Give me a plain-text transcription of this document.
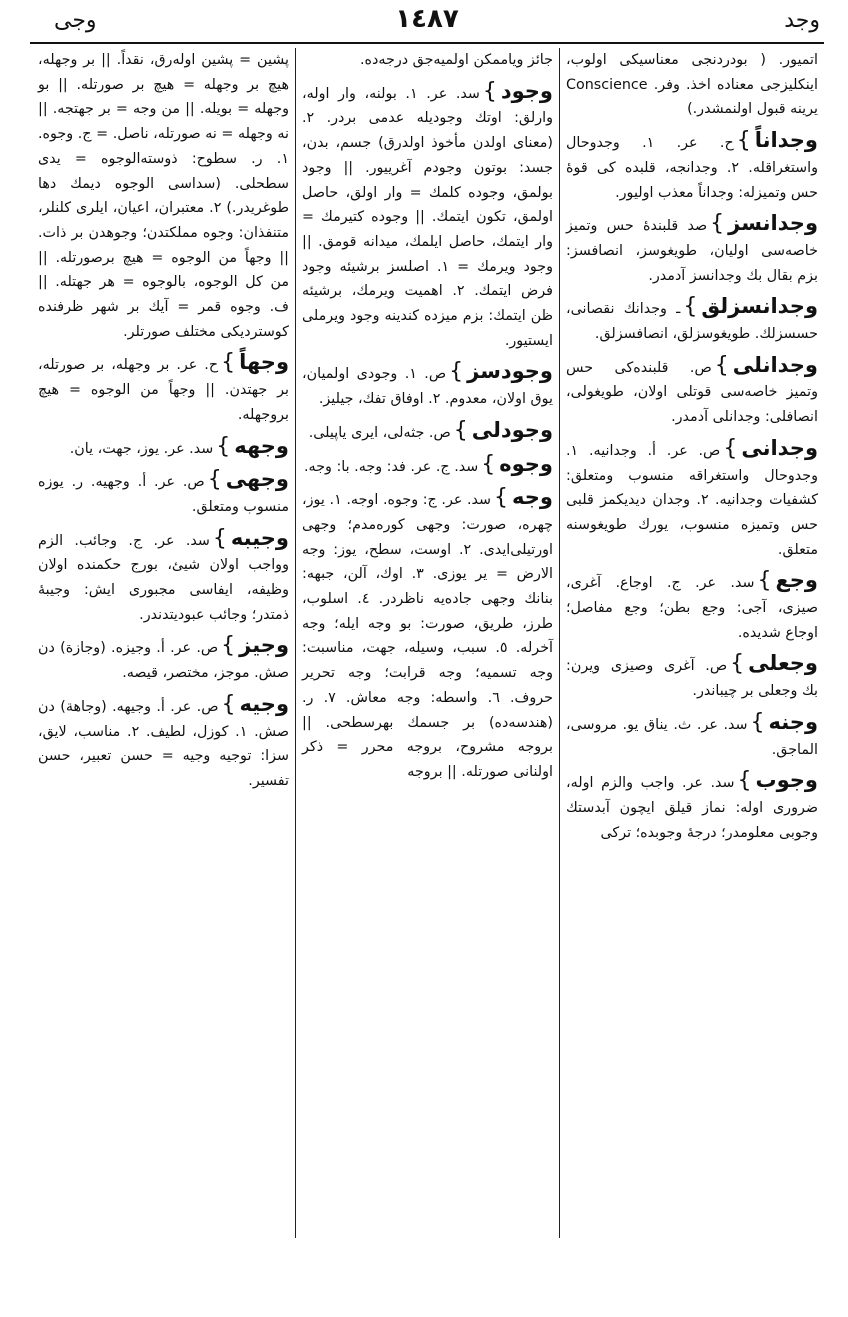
وجد
١٤٨٧
وجى
اتمیور. ( بودردنجی معناسیکی اولوب، اینکلیزجی معناده اخذ. وفر. Conscience یرینه قبول اولنمشدر.)
وجداناً}ح. عر. ١. وجدوحال واستغراقله. ٢. وجدانجه، قلبده کی قوهٔ حس وتمیزله: وجداناً معذب اولیور.
وجدانسز}صد قلبندهٔ حس وتمیز خاصه‌سی اولیان، طویغوسز، انصافسز: بزم بقال بك وجدانسز آدمدر.
وجدانسزلق}ـ وجدانك نقصانی، حسسزلك. طویغوسزلق، انصافسزلق.
وجدانلی}ص. قلبنده‌کی حس وتمیز خاصه‌سی قوتلی اولان، طویغولی، انصافلی: وجدانلی آدمدر.
وجدانی}ص. عر. أ. وجدانیه. ١. وجدوحال واستغراقه منسوب ومتعلق: کشفیات وجدانیه. ٢. وجدان دیدیکمز قلبی حس وتمیزه منسوب، یورك طویغوسنه متعلق.
وجع}سد. عر. ج. اوجاع. آغری، صیزی، آجی: وجع بطن؛ وجع مفاصل؛ اوجاع شدیده.
وجعلی}ص. آغری وصیزی ویرن: بك وجعلی بر چیباندر.
وجنه}سد. عر. ث. یناق یو. مروسی، الماجق.
وجوب}سد. عر. واجب والزم اوله، ضروری اوله: نماز قیلق ایچون آبدستك وجوبی معلومدر؛ درجهٔ وجوبده؛ ترکی
جائز ویاممکن اولمیه‌جق درجه‌ده.
وجود}سد. عر. ١. بولنه، وار اوله، وارلق: اوتك وجودیله عدمی بردر. ٢. (معنای اولدن مأخوذ اولدرق) جسم، بدن، جسد: بوتون وجودم آغرییور. || وجود بولمق، وجوده کلمك = وار اولق، حاصل اولمق، تکون ایتمك. || وجوده کتیرمك = وار ایتمك، حاصل ایلمك، میدانه قومق. || وجود ویرمك = ١. اصلسز برشیئه وجود فرض ایتمك. ٢. اهمیت ویرمك، برشیئه ظن ایتمك: بزم میزده کندینه وجود ویرملی ایستیور.
وجودسز}ص. ١. وجودی اولمیان، یوق اولان، معدوم. ٢. اوفاق تفك، جیلیز.
وجودلی}ص. جثه‌لی، ایری یاپیلی.
وجوه}سد. ج. عر. فد: وجه. با: وجه.
وجه}سد. عر. ج: وجوه. اوجه. ١. یوز، چهره، صورت: وجهی کوره‌مدم؛ وجهی اورتیلی‌ایدی. ٢. اوست، سطح، یوز: وجه الارض = یر یوزی. ٣. اوك، آلن، جبهه: بنانك وجهی جاده‌یه ناظردر. ٤. اسلوب، طرز، طریق، صورت: بو وجه ایله؛ وجه آخرله. ٥. سبب، وسیله، جهت، مناسبت: وجه تسمیه؛ وجه قرابت؛ وجه تحریر حروف. ٦. واسطه: وجه معاش. ٧. ر. (هندسه‌ده) بر جسمك بهرسطحی. || بروجه مشروح، بروجه محرر = ذکر اولنانی صورتله. || بروجه
پشین = پشین اوله‌رق، نقداً. || بر وجهله، هیچ بر وجهله = هیچ بر صورتله. || بو وجهله = بویله. || من وجه = بر جهتجه. || نه وجهله = نه صورتله، ناصل. = ج. وجوه. ١. ر. سطوح: ذوسته‌الوجوه = یدی سطحلی. (سداسی الوجوه دیمك دها طوغریدر.) ٢. معتبران، اعیان، ایلری کلنلر، متنفذان: وجوه مملکتدن؛ وجوهدن بر ذات. || وجهاً من الوجوه = هیچ برصورتله. || من کل الوجوه، بالوجوه = هر جهتله. || ف. وجوه قمر = آیك بر شهر ظرفنده کوستردیکی مختلف صورتلر.
وجهاً}ح. عر. بر وجهله، بر صورتله، بر جهتدن. || وجهاً من الوجوه = هیچ بروجهله.
وجهه}سد. عر. یوز، جهت، یان.
وجهی}ص. عر. أ. وجهیه. ر. یوزه منسوب ومتعلق.
وجیبه}سد. عر. ج. وجائب. الزم وواجب اولان شیئ، بورج حکمنده اولان وظیفه، ایفاسی مجبوری ایش: وجیبهٔ ذمتدر؛ وجائب عبودیتدندر.
وجیز}ص. عر. أ. وجیزه. (وجازة) دن صش. موجز، مختصر، قیصه.
وجیه}ص. عر. أ. وجیهه. (وجاهة) دن صش. ١. کوزل، لطیف. ٢. مناسب، لایق، سزا: توجیه وجیه = حسن تعبیر، حسن تفسیر.
